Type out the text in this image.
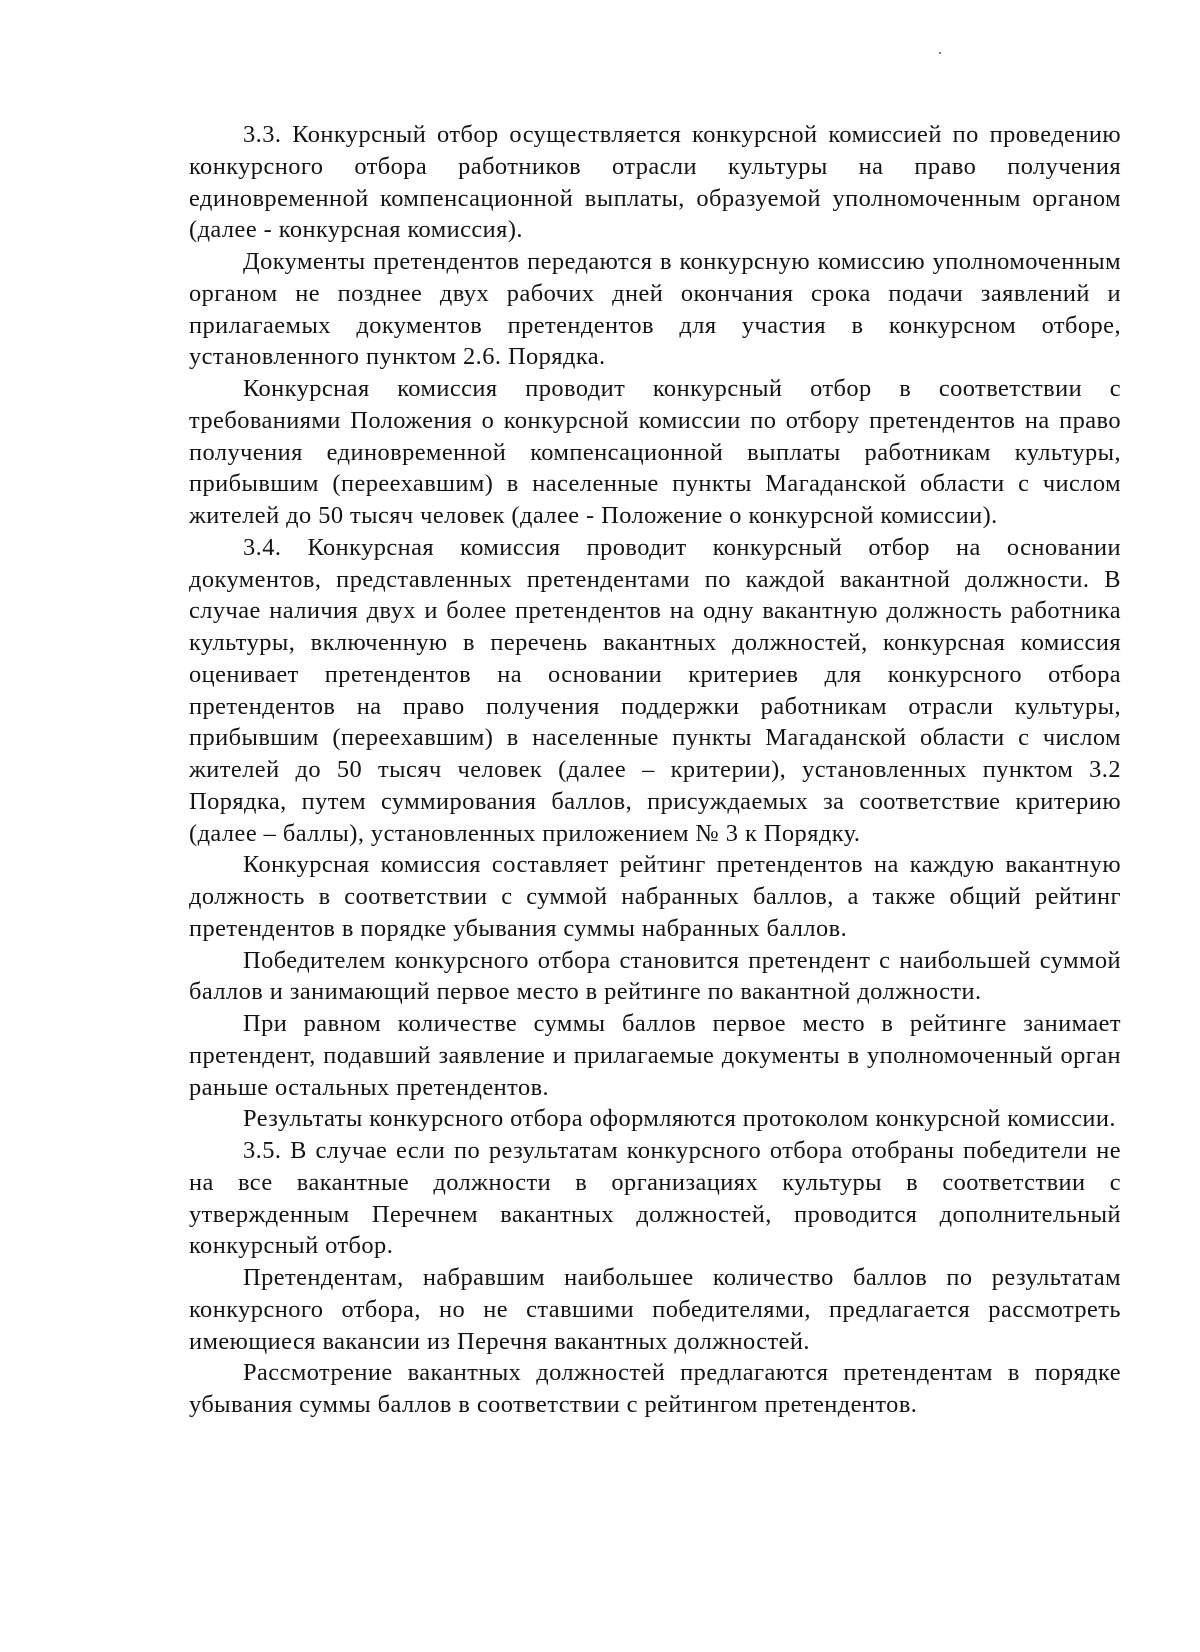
3.3. Конкурсный отбор осуществляется конкурсной комиссией по проведению конкурсного отбора работников отрасли культуры на право получения единовременной компенсационной выплаты, образуемой уполномоченным органом (далее - конкурсная комиссия).

Документы претендентов передаются в конкурсную комиссию уполномоченным органом не позднее двух рабочих дней окончания срока подачи заявлений и прилагаемых документов претендентов для участия в конкурсном отборе, установленного пунктом 2.6. Порядка.

Конкурсная комиссия проводит конкурсный отбор в соответствии с требованиями Положения о конкурсной комиссии по отбору претендентов на право получения единовременной компенсационной выплаты работникам культуры, прибывшим (переехавшим) в населенные пункты Магаданской области с числом жителей до 50 тысяч человек (далее - Положение о конкурсной комиссии).

3.4. Конкурсная комиссия проводит конкурсный отбор на основании документов, представленных претендентами по каждой вакантной должности. В случае наличия двух и более претендентов на одну вакантную должность работника культуры, включенную в перечень вакантных должностей, конкурсная комиссия оценивает претендентов на основании критериев для конкурсного отбора претендентов на право получения поддержки работникам отрасли культуры, прибывшим (переехавшим) в населенные пункты Магаданской области с числом жителей до 50 тысяч человек (далее – критерии), установленных пунктом 3.2 Порядка, путем суммирования баллов, присуждаемых за соответствие критерию (далее – баллы), установленных приложением № 3 к Порядку.

Конкурсная комиссия составляет рейтинг претендентов на каждую вакантную должность в соответствии с суммой набранных баллов, а также общий рейтинг претендентов в порядке убывания суммы набранных баллов.

Победителем конкурсного отбора становится претендент с наибольшей суммой баллов и занимающий первое место в рейтинге по вакантной должности.

При равном количестве суммы баллов первое место в рейтинге занимает претендент, подавший заявление и прилагаемые документы в уполномоченный орган раньше остальных претендентов.

Результаты конкурсного отбора оформляются протоколом конкурсной комиссии.

3.5. В случае если по результатам конкурсного отбора отобраны победители не на все вакантные должности в организациях культуры в соответствии с утвержденным Перечнем вакантных должностей, проводится дополнительный конкурсный отбор.

Претендентам, набравшим наибольшее количество баллов по результатам конкурсного отбора, но не ставшими победителями, предлагается рассмотреть имеющиеся вакансии из Перечня вакантных должностей.

Рассмотрение вакантных должностей предлагаются претендентам в порядке убывания суммы баллов в соответствии с рейтингом претендентов.
